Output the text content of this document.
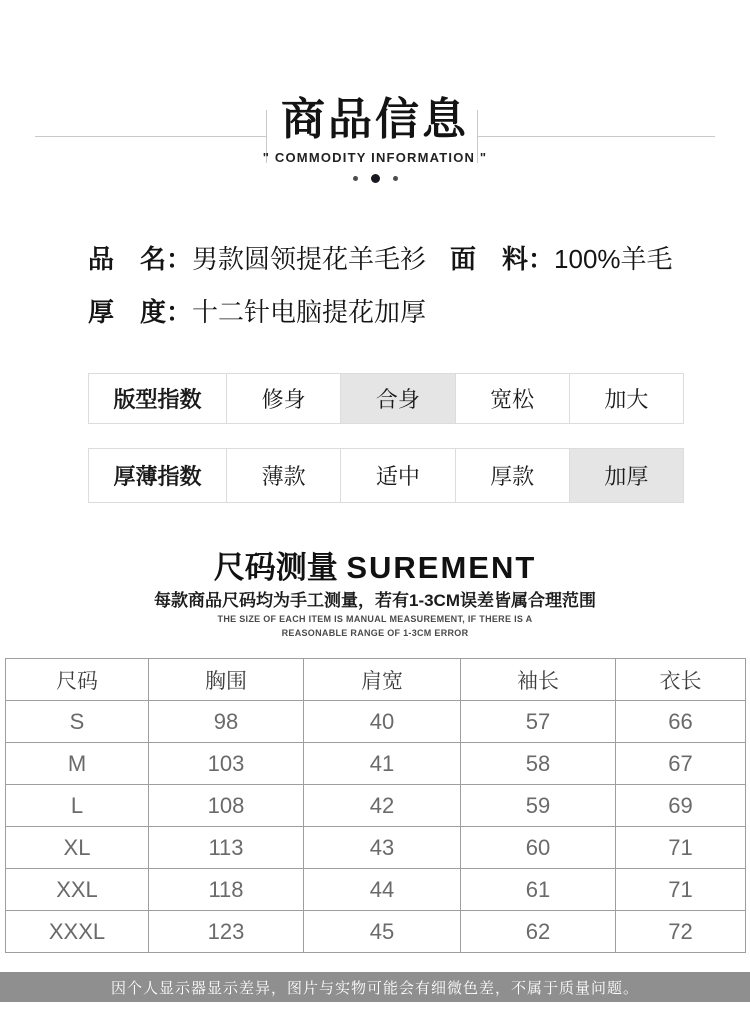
商品信息
" COMMODITY INFORMATION "
品　名：男款圆领提花羊毛衫 面　料：100%羊毛
厚　度：十二针电脑提花加厚
版型指数	修身	合身	宽松	加大
厚薄指数	薄款	适中	厚款	加厚
尺码测量 SUREMENT
每款商品尺码均为手工测量，若有1-3CM误差皆属合理范围
THE SIZE OF EACH ITEM IS MANUAL MEASUREMENT, IF THERE IS A
REASONABLE RANGE OF 1-3CM ERROR
尺码	胸围	肩宽	袖长	衣长
S	98	40	57	66
M	103	41	58	67
L	108	42	59	69
XL	113	43	60	71
XXL	118	44	61	71
XXXL	123	45	62	72
因个人显示器显示差异，图片与实物可能会有细微色差，不属于质量问题。
